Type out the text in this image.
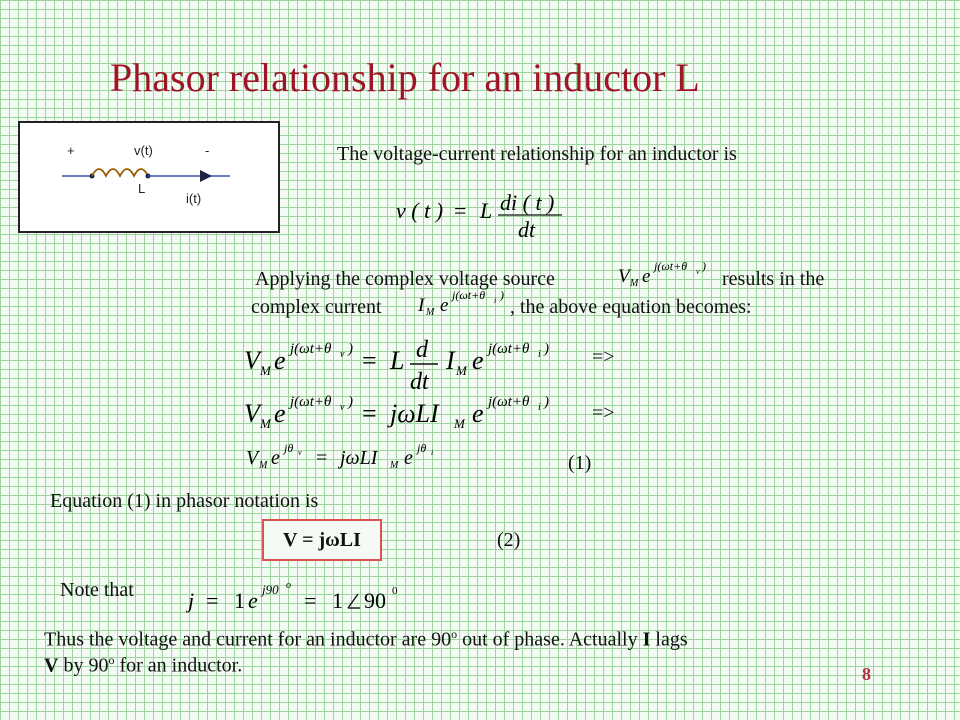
Phasor relationship for an inductor L
+	v(t)	-
L
i(t)
The voltage-current relationship for an inductor is
v ( t ) = L di ( t )
dt
Applying the complex voltage source	V M e j(ωt+θ v )
results in the
complex current I M e j(ωt+θ i )
, the above equation becomes:
V M e j(ωt+θ v ) = L d
dt
I M e j(ωt+θ i ) =>
V M e j(ωt+θ v ) = jωLI M e j(ωt+θ i ) =>
V M e jθ v = jωLI M e jθ i	(1)
Equation (1) in phasor notation is
V = jωLI	(2)
Note that j = 1 e j90 o
= 1 90 0
Thus the voltage and current for an inductor are 90$^o$ out of phase. Actually I lags
V by 90$^o$ for an inductor.	8
